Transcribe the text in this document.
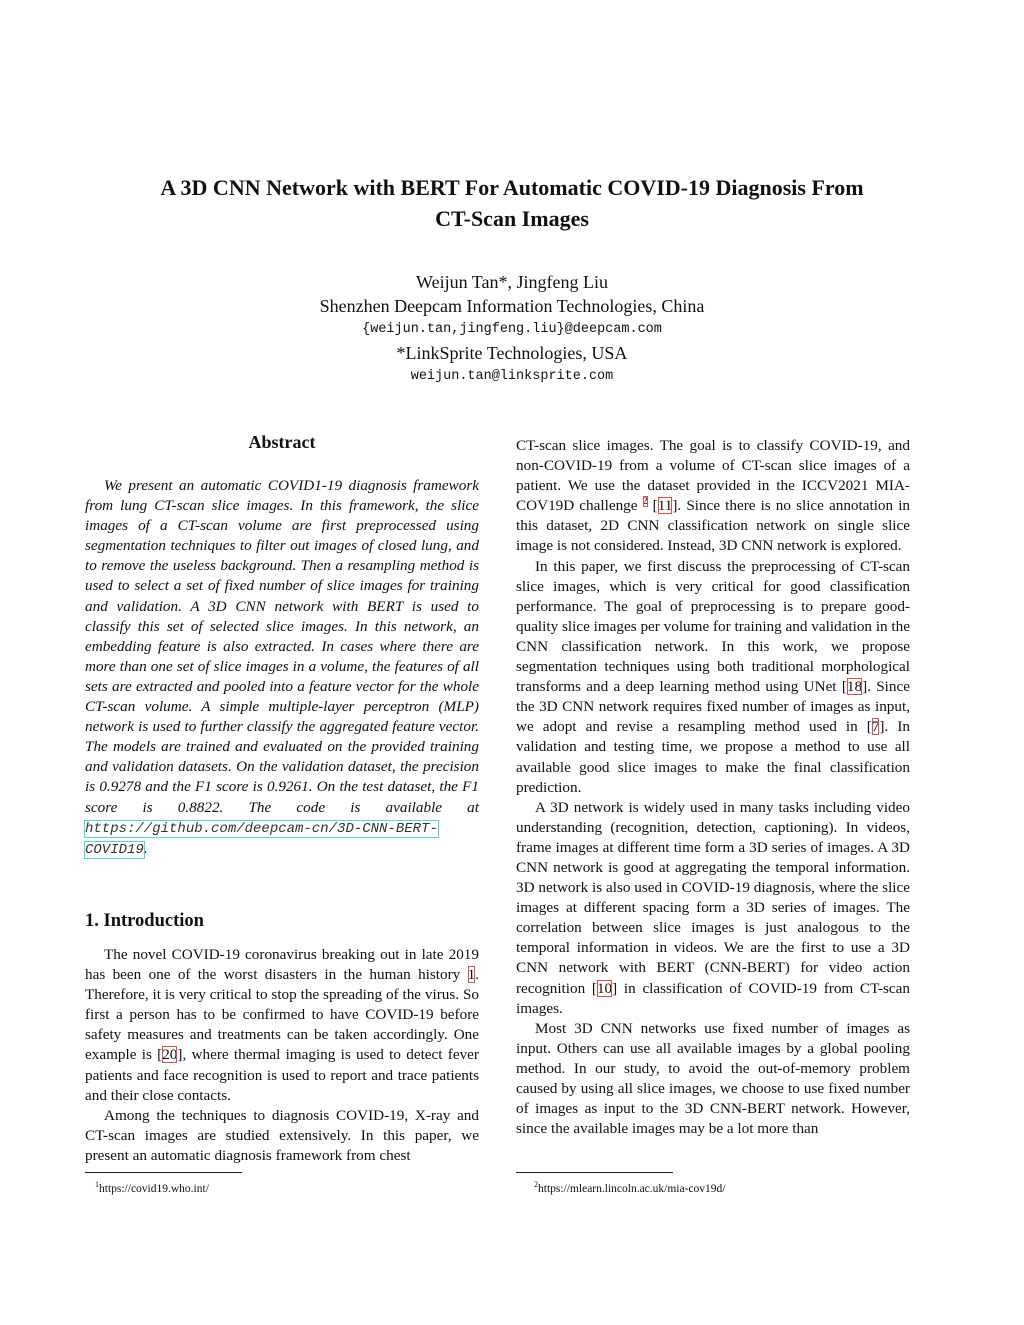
A 3D CNN Network with BERT For Automatic COVID-19 Diagnosis From
CT-Scan Images
Weijun Tan*, Jingfeng Liu
Shenzhen Deepcam Information Technologies, China
{weijun.tan,jingfeng.liu}@deepcam.com
*LinkSprite Technologies, USA
weijun.tan@linksprite.com
Abstract
We present an automatic COVID1-19 diagnosis framework from lung CT-scan slice images. In this framework, the slice images of a CT-scan volume are first preprocessed using segmentation techniques to filter out images of closed lung, and to remove the useless background. Then a resampling method is used to select a set of fixed number of slice images for training and validation. A 3D CNN network with BERT is used to classify this set of selected slice images. In this network, an embedding feature is also extracted. In cases where there are more than one set of slice images in a volume, the features of all sets are extracted and pooled into a feature vector for the whole CT-scan volume. A simple multiple-layer perceptron (MLP) network is used to further classify the aggregated feature vector. The models are trained and evaluated on the provided training and validation datasets. On the validation dataset, the precision is 0.9278 and the F1 score is 0.9261. On the test dataset, the F1 score is 0.8822. The code is available at https://github.com/deepcam-cn/3D-CNN-BERT-COVID19.
1. Introduction

The novel COVID-19 coronavirus breaking out in late 2019 has been one of the worst disasters in the human history 1. Therefore, it is very critical to stop the spreading of the virus. So first a person has to be confirmed to have COVID-19 before safety measures and treatments can be taken accordingly. One example is [20], where thermal imaging is used to detect fever patients and face recognition is used to report and trace patients and their close contacts.

Among the techniques to diagnosis COVID-19, X-ray and CT-scan images are studied extensively. In this paper, we present an automatic diagnosis framework from chest

$^1$https://covid19.who.int/

CT-scan slice images. The goal is to classify COVID-19, and non-COVID-19 from a volume of CT-scan slice images of a patient. We use the dataset provided in the ICCV2021 MIA-COV19D challenge $^2$ [11]. Since there is no slice annotation in this dataset, 2D CNN classification network on single slice image is not considered. Instead, 3D CNN network is explored.

In this paper, we first discuss the preprocessing of CT-scan slice images, which is very critical for good classification performance. The goal of preprocessing is to prepare good-quality slice images per volume for training and validation in the CNN classification network. In this work, we propose segmentation techniques using both traditional morphological transforms and a deep learning method using UNet [18]. Since the 3D CNN network requires fixed number of images as input, we adopt and revise a resampling method used in [7]. In validation and testing time, we propose a method to use all available good slice images to make the final classification prediction.

A 3D network is widely used in many tasks including video understanding (recognition, detection, captioning). In videos, frame images at different time form a 3D series of images. A 3D CNN network is good at aggregating the temporal information. 3D network is also used in COVID-19 diagnosis, where the slice images at different spacing form a 3D series of images. The correlation between slice images is just analogous to the temporal information in videos. We are the first to use a 3D CNN network with BERT (CNN-BERT) for video action recognition [10] in classification of COVID-19 from CT-scan images.

Most 3D CNN networks use fixed number of images as input. Others can use all available images by a global pooling method. In our study, to avoid the out-of-memory problem caused by using all slice images, we choose to use fixed number of images as input to the 3D CNN-BERT network. However, since the available images may be a lot more than

$^2$https://mlearn.lincoln.ac.uk/mia-cov19d/
